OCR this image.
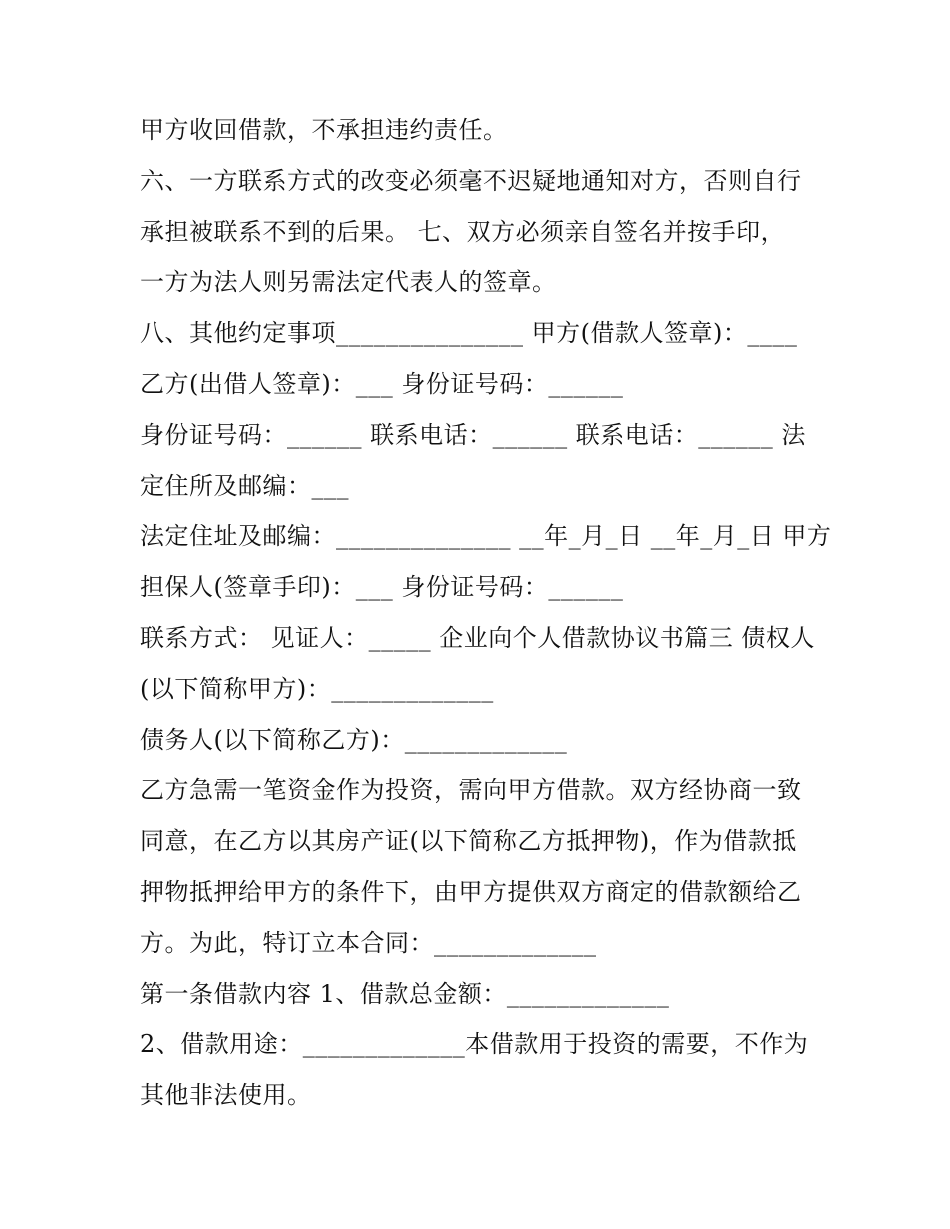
甲方收回借款，不承担违约责任。
六、一方联系方式的改变必须毫不迟疑地通知对方，否则自行
承担被联系不到的后果。 七、双方必须亲自签名并按手印，
一方为法人则另需法定代表人的签章。
八、其他约定事项_______________ 甲方(借款人签章)：____
乙方(出借人签章)：___ 身份证号码：______
身份证号码：______ 联系电话：______ 联系电话：______ 法
定住所及邮编：___
法定住址及邮编：______________ __年_月_日 __年_月_日 甲方
担保人(签章手印)：___ 身份证号码：______
联系方式： 见证人：_____ 企业向个人借款协议书篇三 债权人
(以下简称甲方)：_____________
债务人(以下简称乙方)：_____________
乙方急需一笔资金作为投资，需向甲方借款。双方经协商一致
同意，在乙方以其房产证(以下简称乙方抵押物)，作为借款抵
押物抵押给甲方的条件下，由甲方提供双方商定的借款额给乙
方。为此，特订立本合同：_____________
第一条借款内容 1、借款总金额：_____________
2、借款用途：_____________本借款用于投资的需要，不作为
其他非法使用。
